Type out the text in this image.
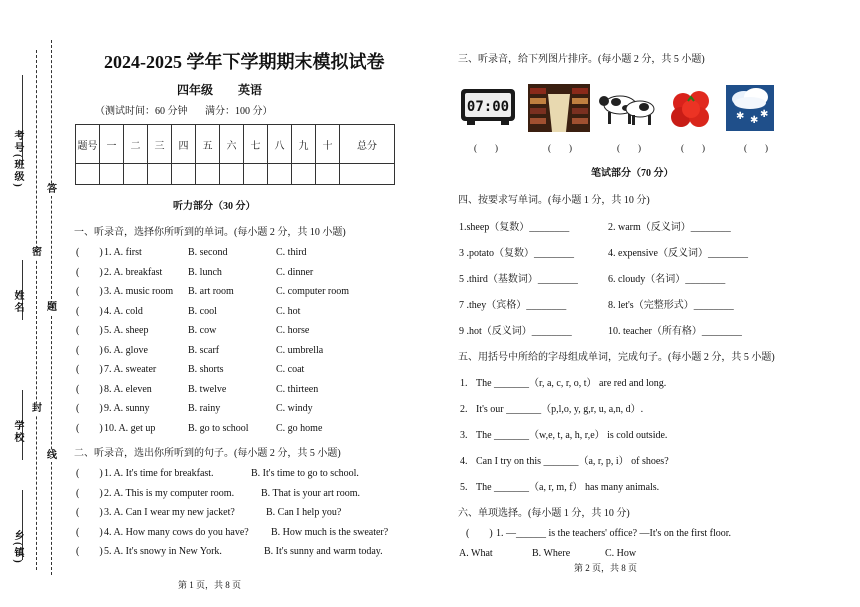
考号(班级)
姓名
学校
乡(镇)
答
密
题
封
线
2024-2025 学年下学期期末模拟试卷
四年级 英语
（测试时间：60 分钟 满分：100 分）
题号	一	二	三	四	五	六	七	八	九	十	总分

听力部分（30 分）
一、听录音，选择你所听到的单词。(每小题 2 分，共 10 小题)
(　　) 1. A. first	B. second	C. third
(　　) 2. A. breakfast	B. lunch	C. dinner
(　　) 3. A. music room B. art room	C. computer room
(　　) 4. A. cold	B. cool	C. hot
(　　) 5. A. sheep	B. cow	C. horse
(　　) 6. A. glove	B. scarf	C. umbrella
(　　) 7. A. sweater	B. shorts	C. coat
(　　) 8. A. eleven	B. twelve	C. thirteen
(　　) 9. A. sunny	B. rainy	C. windy
(　　) 10. A. get up	B. go to school	C. go home
二、听录音，选出你所听到的句子。(每小题 2 分，共 5 小题)
(　　) 1. A. It's time for breakfast.	B. It's time to go to school.
(　　) 2. A. This is my computer room.	B. That is your art room.
(　　) 3. A. Can I wear my new jacket?	B. Can I help you?
(　　) 4. A. How many cows do you have? B. How much is the sweater?
(　　) 5. A. It's snowy in New York.	B. It's sunny and warm today.
第 1 页，共 8 页
三、听录音，给下列图片排序。(每小题 2 分，共 5 小题)
07:00
✱ ✱
✱
(　　)	(　　)	(　　)	(　　)	(　　)
笔试部分（70 分）
四、按要求写单词。(每小题 1 分，共 10 分)
1.sheep（复数）________	2. warm（反义词）________
3 .potato（复数）________	4. expensive（反义词）________
5 .third（基数词）________	6. cloudy（名词）________
7 .they（宾格）________	8. let's（完整形式）________
9 .hot（反义词）________	10. teacher（所有格）________
五、用括号中所给的字母组成单词，完成句子。(每小题 2 分，共 5 小题)
1. The _______（r, a, c, r, o, t） are red and long.
2. It's our _______（p,l,o, y, g,r, u, a,n, d）.
3. The _______（w,e, t, a, h, r,e） is cold outside.
4. Can I try on this _______（a, r, p, i） of shoes?
5. The _______（a, r, m, f） has many animals.
六、单项选择。(每小题 1 分，共 10 分)
(　　) 1. —______ is the teachers' office? —It's on the first floor.
A. What	B. Where	C. How
第 2 页，共 8 页
